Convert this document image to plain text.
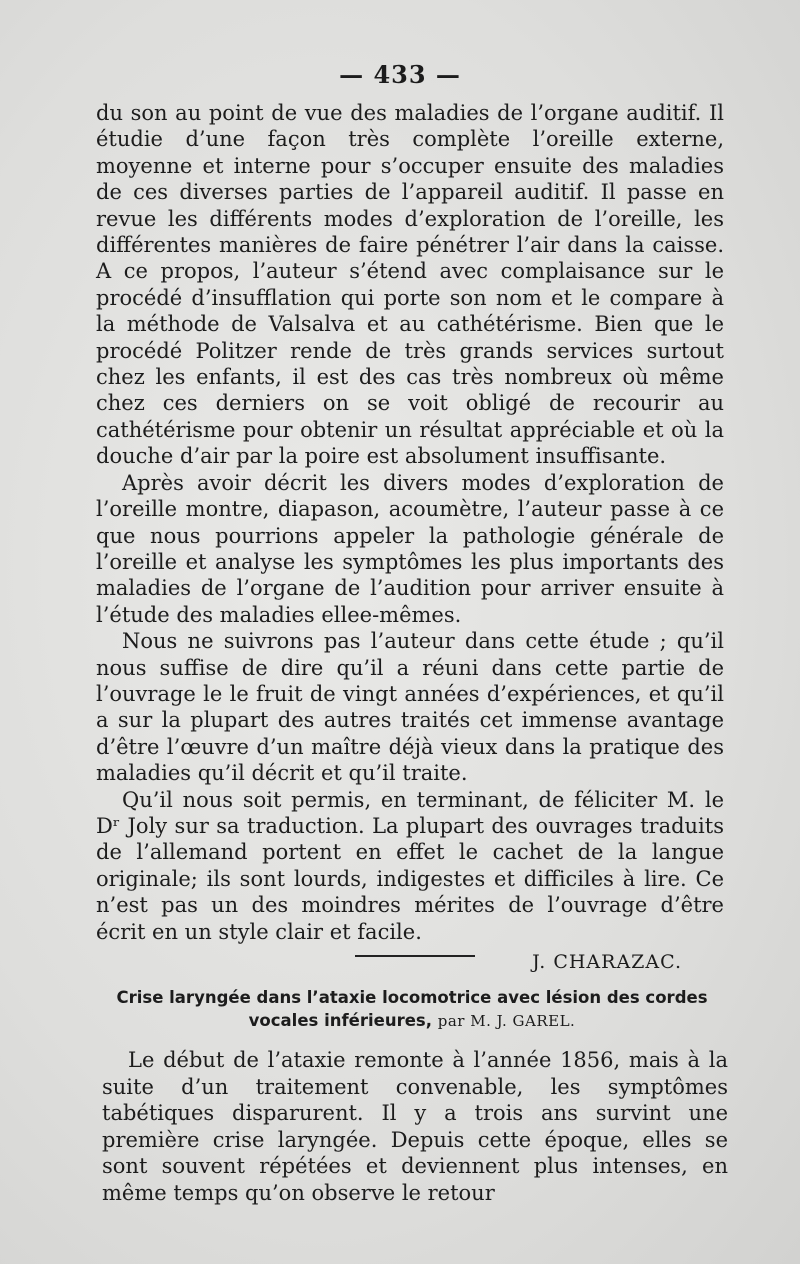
— 433 —

du son au point de vue des maladies de l’organe auditif. Il étudie d’une façon très complète l’oreille externe, moyenne et interne pour s’occuper ensuite des maladies de ces diverses parties de l’appareil auditif. Il passe en revue les différents modes d’exploration de l’oreille, les différentes manières de faire pénétrer l’air dans la caisse. A ce propos, l’auteur s’étend avec complaisance sur le procédé d’insufflation qui porte son nom et le compare à la méthode de Valsalva et au cathétérisme. Bien que le procédé Politzer rende de très grands services surtout chez les enfants, il est des cas très nombreux où même chez ces derniers on se voit obligé de recourir au cathétérisme pour obtenir un résultat appréciable et où la douche d’air par la poire est absolument insuffisante.

Après avoir décrit les divers modes d’exploration de l’oreille montre, diapason, acoumètre, l’auteur passe à ce que nous pourrions appeler la pathologie générale de l’oreille et analyse les symptômes les plus importants des maladies de l’organe de l’audition pour arriver ensuite à l’étude des maladies ellee-mêmes.

Nous ne suivrons pas l’auteur dans cette étude ; qu’il nous suffise de dire qu’il a réuni dans cette partie de l’ouvrage le le fruit de vingt années d’expériences, et qu’il a sur la plupart des autres traités cet immense avantage d’être l’œuvre d’un maître déjà vieux dans la pratique des maladies qu’il décrit et qu’il traite.

Qu’il nous soit permis, en terminant, de féliciter M. le Dʳ Joly sur sa traduction. La plupart des ouvrages traduits de l’allemand portent en effet le cachet de la langue originale; ils sont lourds, indigestes et difficiles à lire. Ce n’est pas un des moindres mérites de l’ouvrage d’être écrit en un style clair et facile.

J. CHARAZAC.
Crise laryngée dans l’ataxie locomotrice avec lésion des cordes vocales inférieures, par M. J. GAREL.

Le début de l’ataxie remonte à l’année 1856, mais à la suite d’un traitement convenable, les symptômes tabétiques disparurent. Il y a trois ans survint une première crise laryngée. Depuis cette époque, elles se sont souvent répétées et deviennent plus intenses, en même temps qu’on observe le retour
